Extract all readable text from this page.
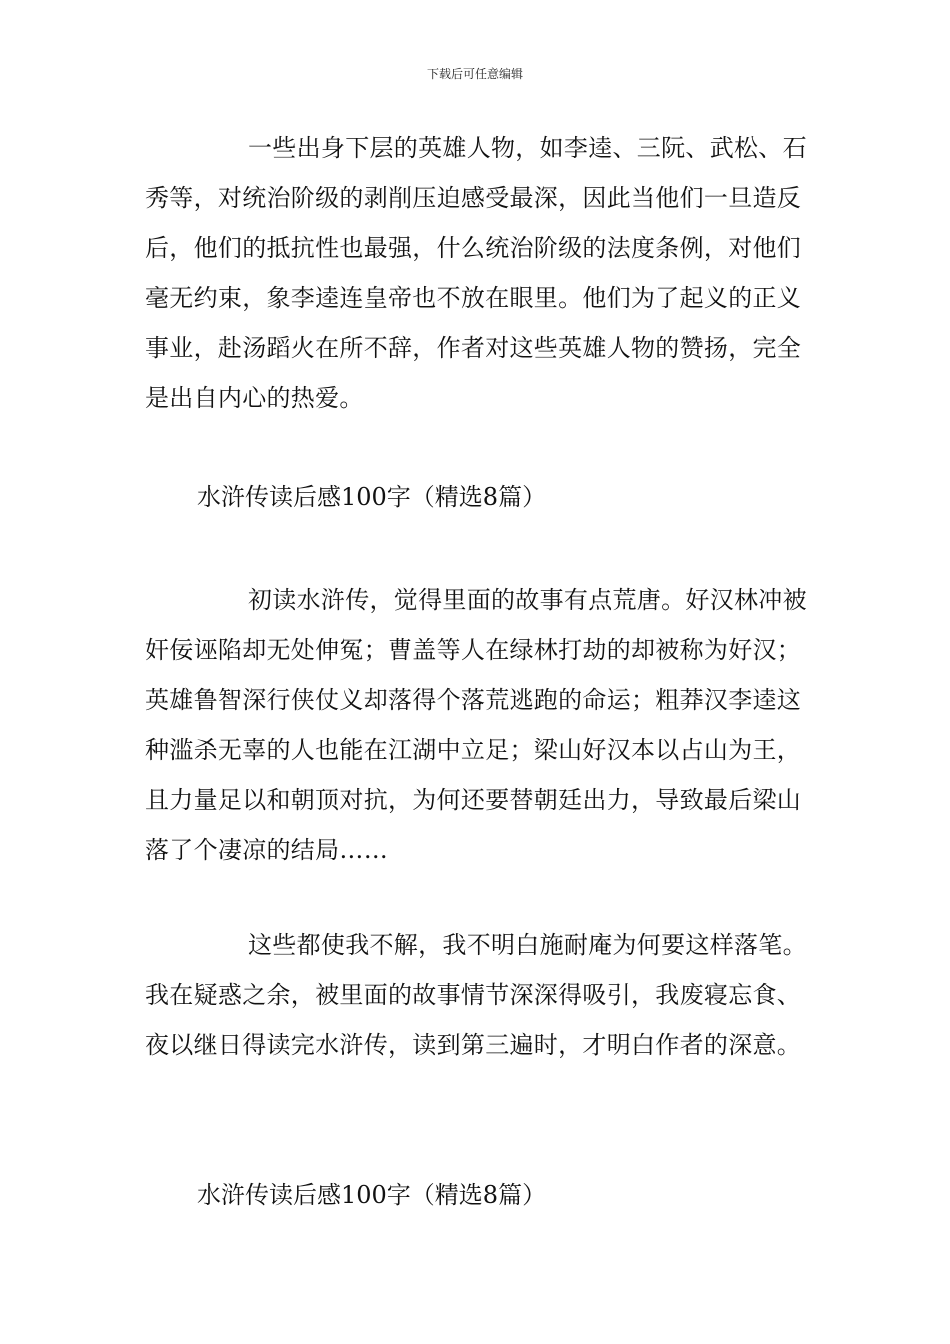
下载后可任意编辑

一些出身下层的英雄人物，如李逵、三阮、武松、石秀等，对统治阶级的剥削压迫感受最深，因此当他们一旦造反后，他们的抵抗性也最强，什么统治阶级的法度条例，对他们毫无约束，象李逵连皇帝也不放在眼里。他们为了起义的正义事业，赴汤蹈火在所不辞，作者对这些英雄人物的赞扬，完全是出自内心的热爱。

水浒传读后感100字（精选8篇）

初读水浒传，觉得里面的故事有点荒唐。好汉林冲被奸佞诬陷却无处伸冤；曹盖等人在绿林打劫的却被称为好汉；英雄鲁智深行侠仗义却落得个落荒逃跑的命运；粗莽汉李逵这种滥杀无辜的人也能在江湖中立足；梁山好汉本以占山为王，且力量足以和朝顶对抗，为何还要替朝廷出力，导致最后梁山落了个凄凉的结局……

这些都使我不解，我不明白施耐庵为何要这样落笔。我在疑惑之余，被里面的故事情节深深得吸引，我废寝忘食、夜以继日得读完水浒传，读到第三遍时，才明白作者的深意。

水浒传读后感100字（精选8篇）
